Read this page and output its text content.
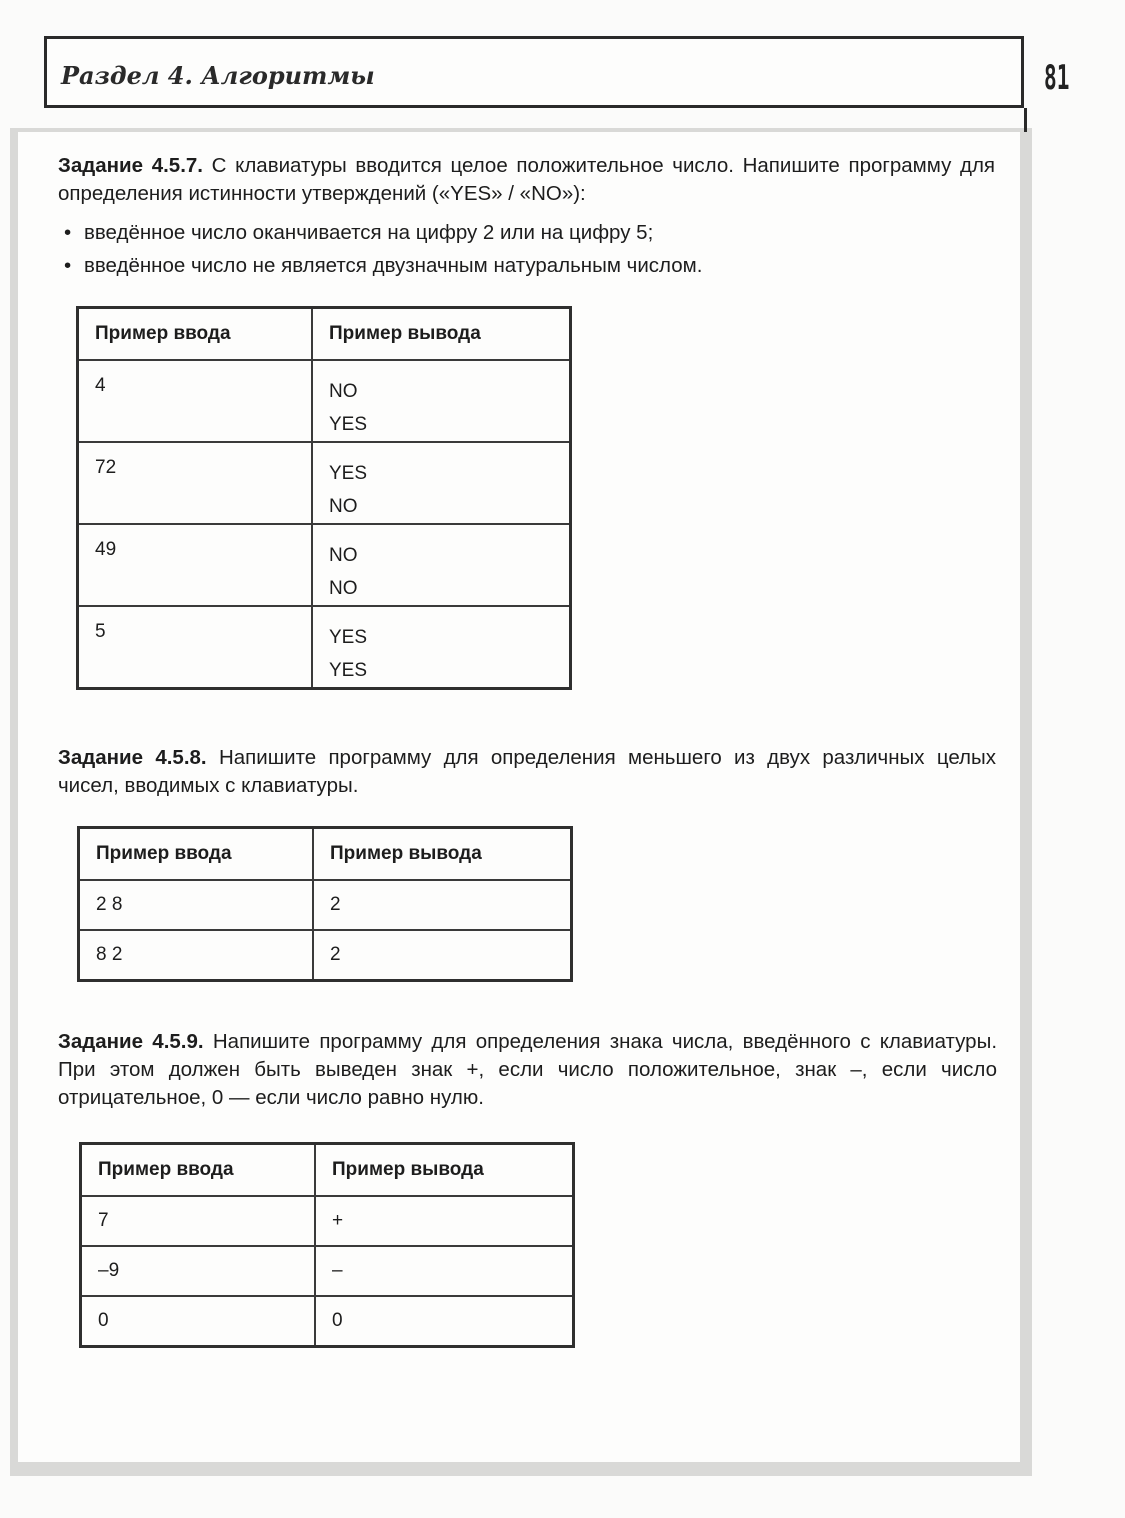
Раздел 4. Алгоритмы	81
Задание 4.5.7. С клавиатуры вводится целое положительное число. Напишите программу для определения истинности утверждений («YES» / «NO»):
• введённое число оканчивается на цифру 2 или на цифру 5;
• введённое число не является двузначным натуральным числом.
Пример ввода	Пример вывода
4	NO
YES

72	YES
NO

49	NO
NO

5	YES
YES
Задание 4.5.8. Напишите программу для определения меньшего из двух различных целых чисел, вводимых с клавиатуры.
Пример ввода	Пример вывода
2 8	2
8 2	2
Задание 4.5.9. Напишите программу для определения знака числа, введённого с клавиатуры. При этом должен быть выведен знак +, если число положительное, знак –, если число отрицательное, 0 — если число равно нулю.
Пример ввода	Пример вывода
7	+
–9	–
0	0
